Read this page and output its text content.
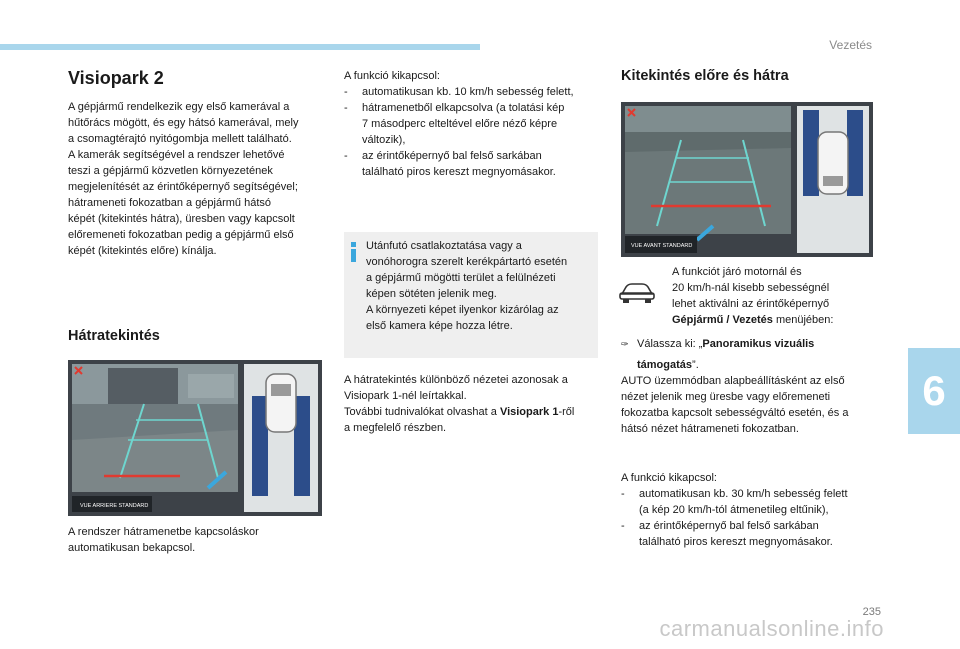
Vezetés
Visiopark 2
A gépjármű rendelkezik egy első kamerával a
hűtőrács mögött, és egy hátsó kamerával, mely
a csomagtérajtó nyitógombja mellett található.
A kamerák segítségével a rendszer lehetővé
teszi a gépjármű közvetlen környezetének
megjelenítését az érintőképernyő segítségével;
hátrameneti fokozatban a gépjármű hátsó
képét (kitekintés hátra), üresben vagy kapcsolt
előremeneti fokozatban pedig a gépjármű első
képét (kitekintés előre) kínálja.
Hátratekintés
VUE ARRIERE STANDARD
A rendszer hátramenetbe kapcsoláskor
automatikusan bekapcsol.
A funkció kikapcsol:
- automatikusan kb. 10 km/h sebesség felett,
- hátramenetből elkapcsolva (a tolatási kép
7 másodperc elteltével előre néző képre
változik),
- az érintőképernyő bal felső sarkában
található piros kereszt megnyomásakor.
Utánfutó csatlakoztatása vagy a
vonóhorogra szerelt kerékpártartó esetén
a gépjármű mögötti terület a felülnézeti
képen sötéten jelenik meg.
A környezeti képet ilyenkor kizárólag az
első kamera képe hozza létre.
A hátratekintés különböző nézetei azonosak a
Visiopark 1-nél leírtakkal.
További tudnivalókat olvashat a Visiopark 1-ről
a megfelelő részben.
Kitekintés előre és hátra
VUE AVANT STANDARD
A funkciót járó motornál és
20 km/h-nál kisebb sebességnél
lehet aktiválni az érintőképernyő
Gépjármű / Vezetés menüjében:
✑ Válassza ki: „Panoramikus vizuális
támogatás”.
AUTO üzemmódban alapbeállításként az első
nézet jelenik meg üresbe vagy előremeneti
fokozatba kapcsolt sebességváltó esetén, és a
hátsó nézet hátrameneti fokozatban.
A funkció kikapcsol:
- automatikusan kb. 30 km/h sebesség felett
(a kép 20 km/h-tól átmenetileg eltűnik),
- az érintőképernyő bal felső sarkában
található piros kereszt megnyomásakor.
6
235
carmanualsonline.info
